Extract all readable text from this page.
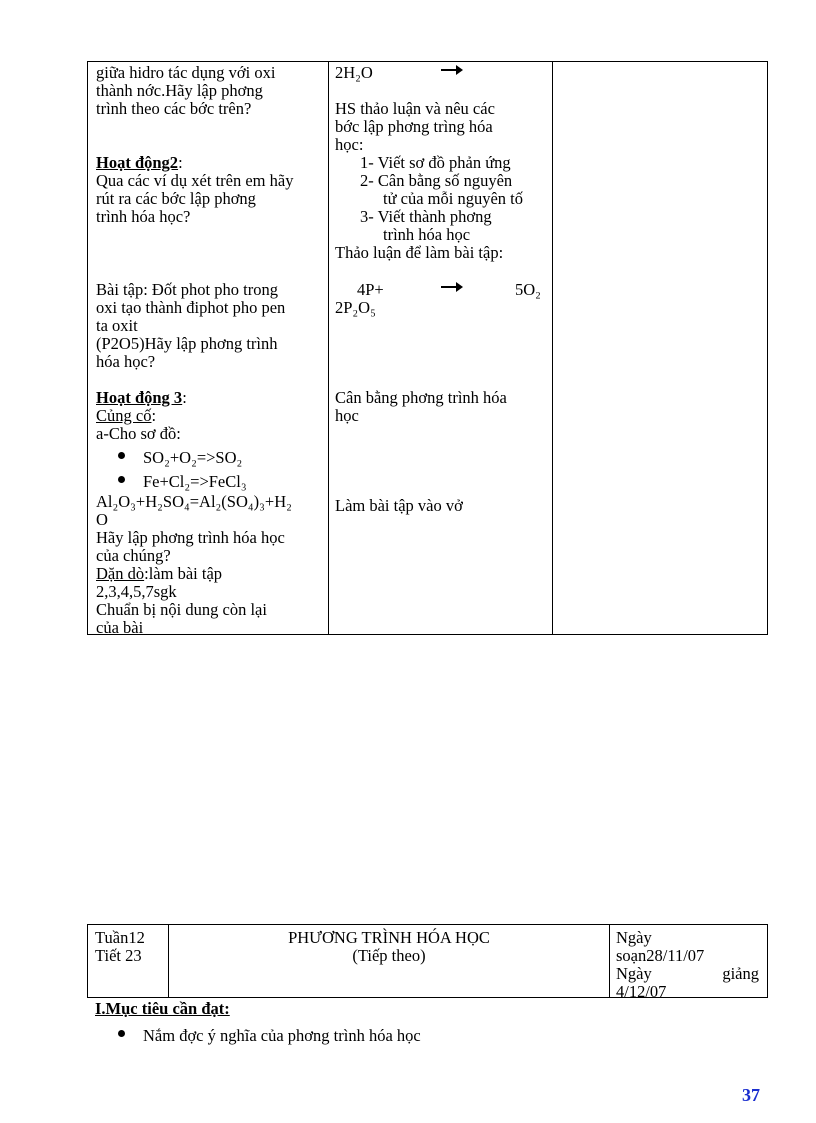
giữa hidro tác dụng với oxi
thành nớc.Hãy lập phơng
trình theo các bớc trên?
Hoạt động2:
Qua các ví dụ xét trên em hãy
rút ra các bớc lập phơng
trình hóa học?
Bài tập: Đốt phot pho trong
oxi tạo thành điphot pho pen
ta oxit
(P2O5)Hãy lập phơng trình
hóa học?
Hoạt động 3:
Củng cố:
a-Cho sơ đồ:
SO₂+O₂=>SO₂
Fe+Cl₂=>FeCl₃
Al₂O₃+H₂SO₄=Al₂(SO₄)₃+H₂
O
Hãy lập phơng trình hóa học
của chúng?
Dặn dò:làm bài tập
2,3,4,5,7sgk
Chuẩn bị nội dung còn lại
của bài
2H₂O
HS thảo luận và nêu các
bớc lập phơng trìng hóa
học:
1- Viết sơ đồ phản ứng
2- Cân bằng số nguyên
tử của mỗi nguyên tố
3- Viết thành phơng
trình hóa học
Thảo luận để làm bài tập:
4P+	5O₂
2P₂O₅
Cân bằng phơng trình hóa
học
Làm bài tập vào vở
Tuần12
Tiết 23
PHƯƠNG TRÌNH HÓA HỌC
(Tiếp theo)
Ngày
soạn28/11/07
Ngày	giảng
4/12/07
I.Mục tiêu cần đạt:
Nắm đợc ý nghĩa của phơng trình hóa học
37
